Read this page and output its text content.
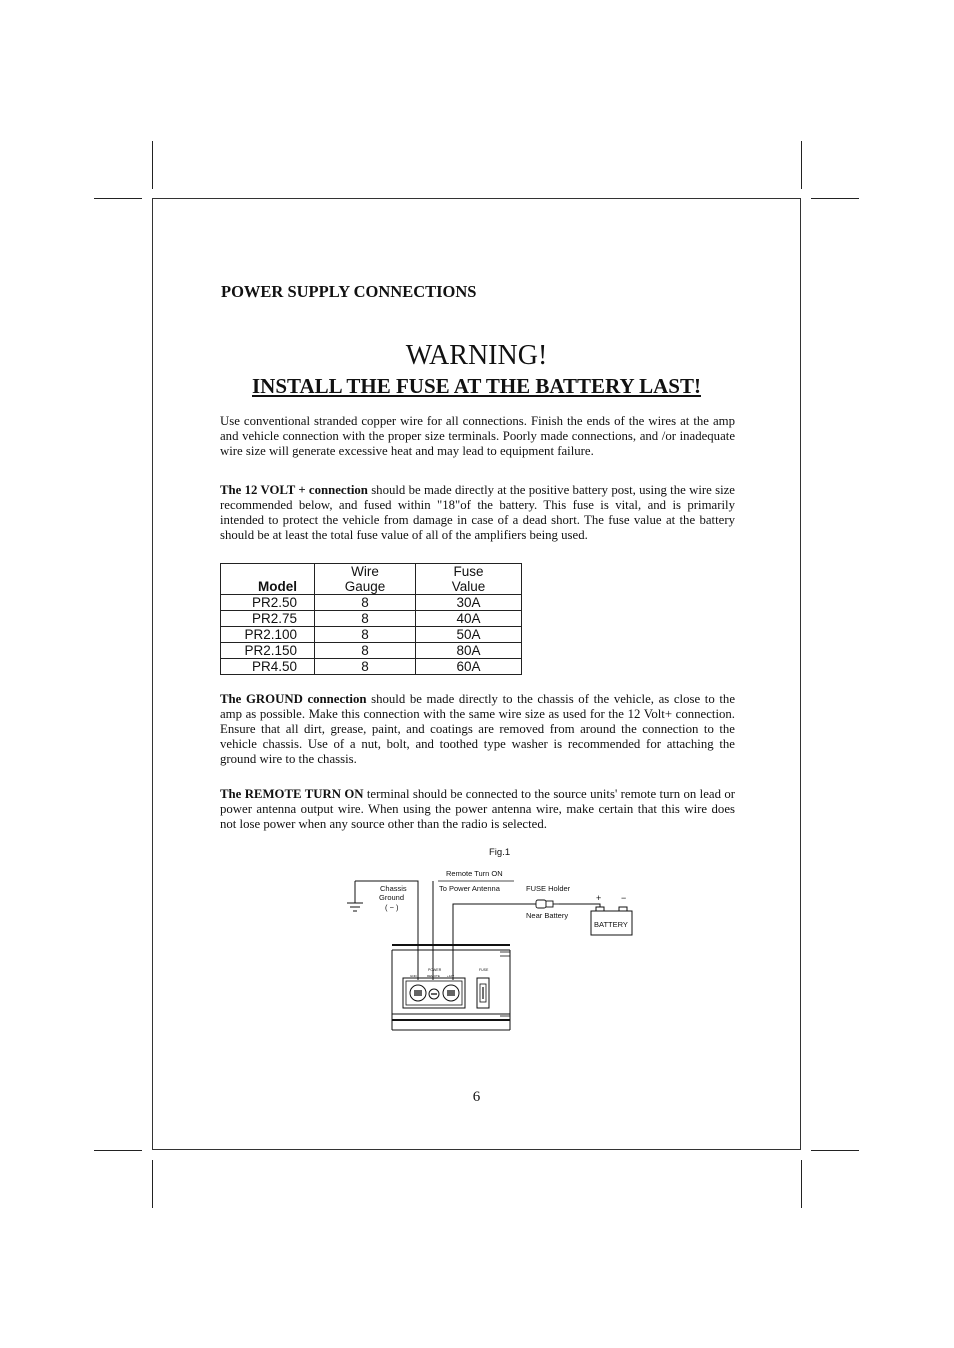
POWER SUPPLY CONNECTIONS
WARNING!
INSTALL THE FUSE AT THE BATTERY LAST!
Use conventional stranded copper wire for all connections. Finish the ends of the wires at the amp and vehicle connection with the proper size terminals. Poorly made connections, and /or inadequate wire size will generate excessive heat and may lead to equipment failure.
The 12 VOLT + connection should be made directly at the positive battery post, using the wire size recommended below, and fused within "18"of the battery. This fuse is vital, and is primarily intended to protect the vehicle from damage in case of a dead short. The fuse value at the battery should be at least the total fuse value of all of the amplifiers being used.
	Wire	Fuse
Model	Gauge	Value
PR2.50	8	30A
PR2.75	8	40A
PR2.100	8	50A
PR2.150	8	80A
PR4.50	8	60A
The GROUND connection should be made directly to the chassis of the vehicle, as close to the amp as possible. Make this connection with the same wire size as used for the 12 Volt+ connection. Ensure that all dirt, grease, paint, and coatings are removed from around the connection to the vehicle chassis. Use of a nut, bolt, and toothed type washer is recommended for attaching the ground wire to the chassis.
The REMOTE TURN ON terminal should be connected to the source units' remote turn on lead or power antenna output wire. When using the power antenna wire, make certain that this wire does not lose power when any source other than the radio is selected.
Fig.1
Remote Turn ON
To Power Antenna
Chassis
Ground
( − )
FUSE Holder
Near Battery
+ −
BATTERY
POWER
GND	REMOTE +12V
FUSE
6
